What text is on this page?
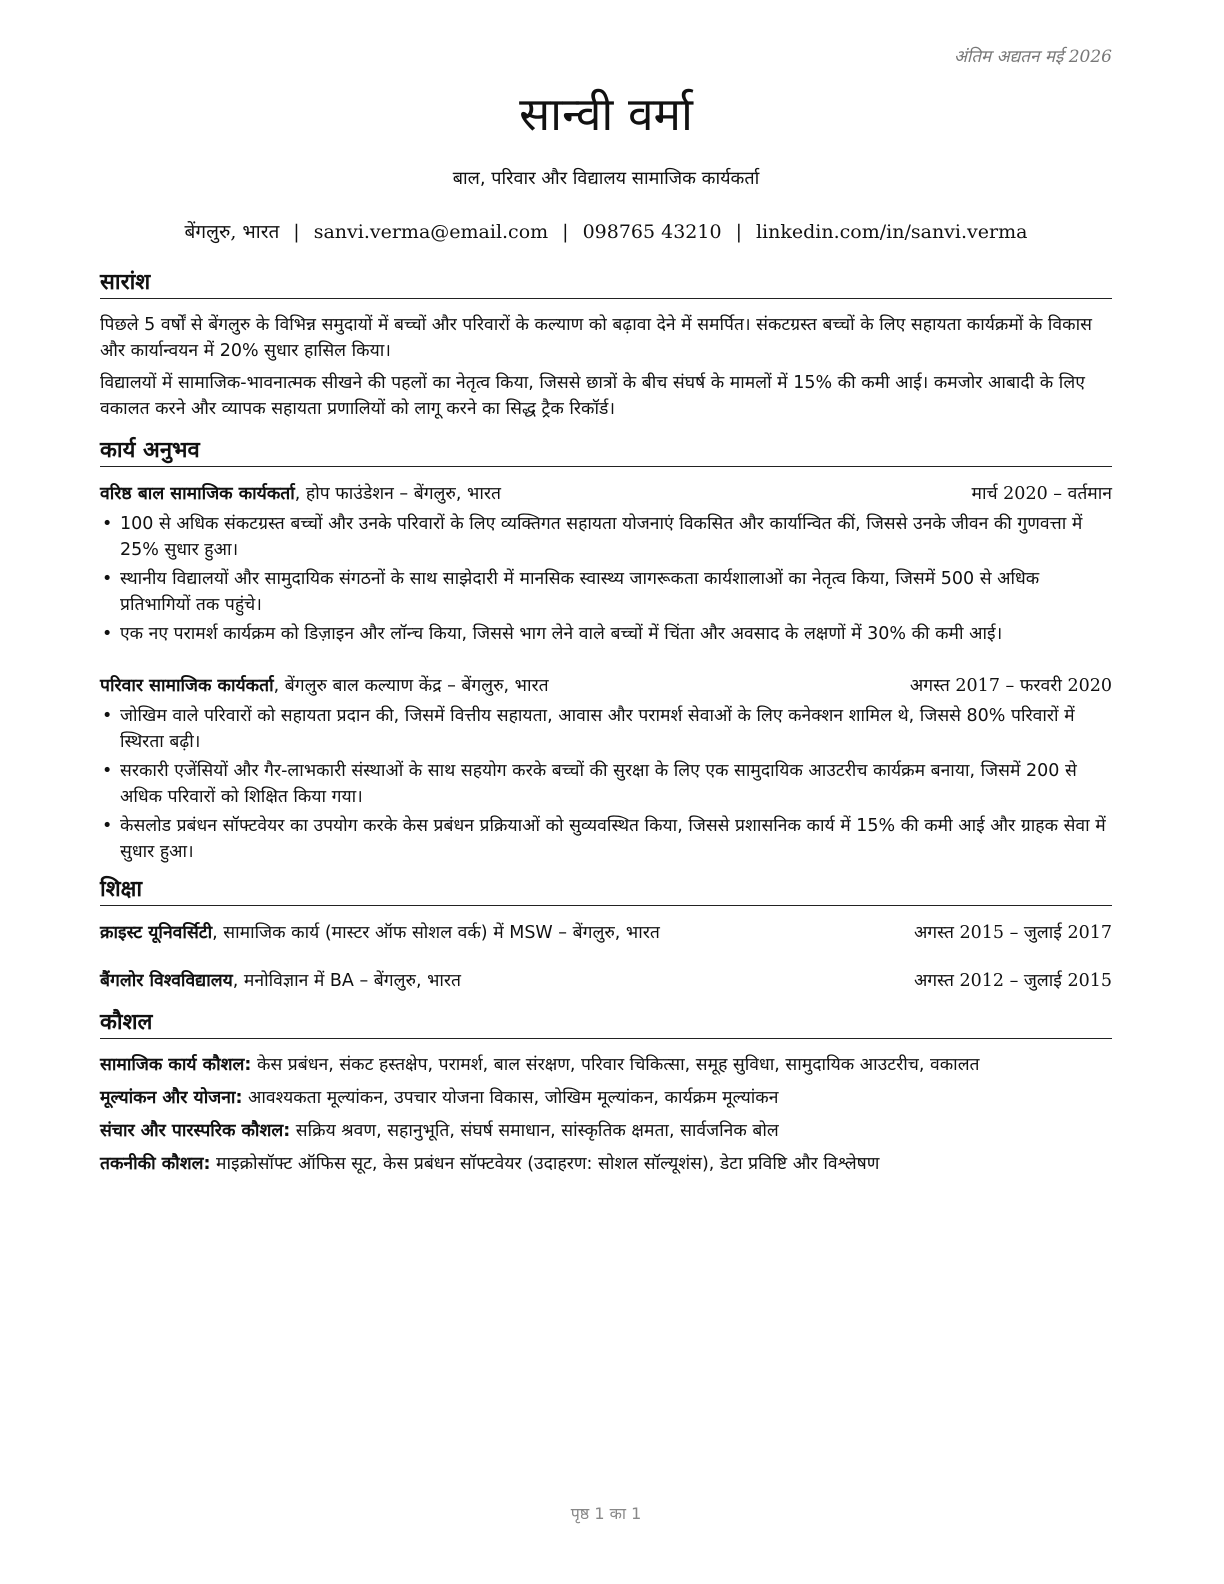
अंतिम अद्यतन मई 2026
सान्वी वर्मा
बाल, परिवार और विद्यालय सामाजिक कार्यकर्ता
बेंगलुरु, भारत | sanvi.verma@email.com | 098765 43210 | linkedin.com/in/sanvi.verma
सारांश

पिछले 5 वर्षों से बेंगलुरु के विभिन्न समुदायों में बच्चों और परिवारों के कल्याण को बढ़ावा देने में समर्पित। संकटग्रस्त बच्चों के लिए सहायता कार्यक्रमों के विकास और कार्यान्वयन में 20% सुधार हासिल किया।

विद्यालयों में सामाजिक-भावनात्मक सीखने की पहलों का नेतृत्व किया, जिससे छात्रों के बीच संघर्ष के मामलों में 15% की कमी आई। कमजोर आबादी के लिए वकालत करने और व्यापक सहायता प्रणालियों को लागू करने का सिद्ध ट्रैक रिकॉर्ड।

कार्य अनुभव
वरिष्ठ बाल सामाजिक कार्यकर्ता, होप फाउंडेशन – बेंगलुरु, भारत	मार्च 2020 – वर्तमान
• 100 से अधिक संकटग्रस्त बच्चों और उनके परिवारों के लिए व्यक्तिगत सहायता योजनाएं विकसित और कार्यान्वित कीं, जिससे उनके जीवन की गुणवत्ता में 25% सुधार हुआ।
• स्थानीय विद्यालयों और सामुदायिक संगठनों के साथ साझेदारी में मानसिक स्वास्थ्य जागरूकता कार्यशालाओं का नेतृत्व किया, जिसमें 500 से अधिक प्रतिभागियों तक पहुंचे।
• एक नए परामर्श कार्यक्रम को डिज़ाइन और लॉन्च किया, जिससे भाग लेने वाले बच्चों में चिंता और अवसाद के लक्षणों में 30% की कमी आई।
परिवार सामाजिक कार्यकर्ता, बेंगलुरु बाल कल्याण केंद्र – बेंगलुरु, भारत	अगस्त 2017 – फरवरी 2020
• जोखिम वाले परिवारों को सहायता प्रदान की, जिसमें वित्तीय सहायता, आवास और परामर्श सेवाओं के लिए कनेक्शन शामिल थे, जिससे 80% परिवारों में स्थिरता बढ़ी।
• सरकारी एजेंसियों और गैर-लाभकारी संस्थाओं के साथ सहयोग करके बच्चों की सुरक्षा के लिए एक सामुदायिक आउटरीच कार्यक्रम बनाया, जिसमें 200 से अधिक परिवारों को शिक्षित किया गया।
• केसलोड प्रबंधन सॉफ्टवेयर का उपयोग करके केस प्रबंधन प्रक्रियाओं को सुव्यवस्थित किया, जिससे प्रशासनिक कार्य में 15% की कमी आई और ग्राहक सेवा में सुधार हुआ।
शिक्षा
क्राइस्ट यूनिवर्सिटी, सामाजिक कार्य (मास्टर ऑफ सोशल वर्क) में MSW – बेंगलुरु, भारत	अगस्त 2015 – जुलाई 2017
बैंगलोर विश्वविद्यालय, मनोविज्ञान में BA – बेंगलुरु, भारत	अगस्त 2012 – जुलाई 2015
कौशल
सामाजिक कार्य कौशल: केस प्रबंधन, संकट हस्तक्षेप, परामर्श, बाल संरक्षण, परिवार चिकित्सा, समूह सुविधा, सामुदायिक आउटरीच, वकालत
मूल्यांकन और योजना: आवश्यकता मूल्यांकन, उपचार योजना विकास, जोखिम मूल्यांकन, कार्यक्रम मूल्यांकन
संचार और पारस्परिक कौशल: सक्रिय श्रवण, सहानुभूति, संघर्ष समाधान, सांस्कृतिक क्षमता, सार्वजनिक बोल
तकनीकी कौशल: माइक्रोसॉफ्ट ऑफिस सूट, केस प्रबंधन सॉफ्टवेयर (उदाहरण: सोशल सॉल्यूशंस), डेटा प्रविष्टि और विश्लेषण
पृष्ठ 1 का 1
